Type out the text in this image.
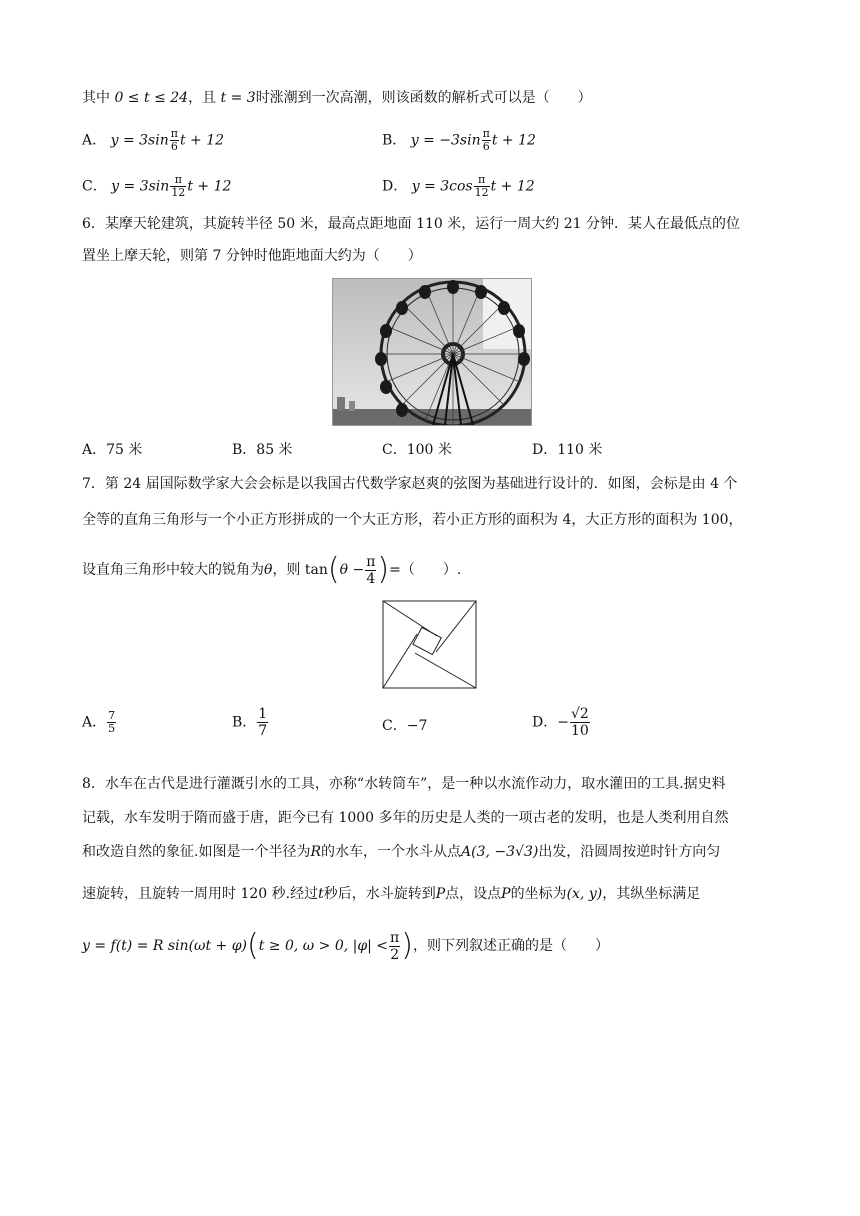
其中 0 ≤ t ≤ 24，且 t = 3时涨潮到一次高潮，则该函数的解析式可以是（　　）
A． $y = 3\sin \frac{\pi}{6}$ t + 12	B． $y = -3\sin \frac{\pi}{6}$ t + 12
C． $y = 3\sin \frac{\pi}{12}$ t + 12	D． $y = 3\cos \frac{\pi}{12}$ t + 12
6．某摩天轮建筑，其旋转半径 50 米，最高点距地面 110 米，运行一周大约 21 分钟．某人在最低点的位
置坐上摩天轮，则第 7 分钟时他距地面大约为（　　）
A．75 米	B．85 米	C．100 米	D．110 米
7．第 24 届国际数学家大会会标是以我国古代数学家赵爽的弦图为基础进行设计的．如图，会标是由 4 个
全等的直角三角形与一个小正方形拼成的一个大正方形，若小正方形的面积为 4，大正方形的面积为 100，
设直角三角形中较大的锐角为θ，则 $\tan(\theta - \frac{\pi}{4}$ )=（　　）.
A． $\frac{7}{5}$	B． $\frac{1}{7}$	C．−7	D．− $\frac{√2}{10}$
8．水车在古代是进行灌溉引水的工具，亦称“水转筒车”，是一种以水流作动力，取水灌田的工具.据史料
记载，水车发明于隋而盛于唐，距今已有 1000 多年的历史是人类的一项古老的发明，也是人类利用自然
和改造自然的象征.如图是一个半径为R的水车，一个水斗从点A(3, −3√3)出发，沿圆周按逆时针方向匀
速旋转，且旋转一周用时 120 秒.经过t秒后，水斗旋转到P点，设点P的坐标为(x, y)，其纵坐标满足
y = f(t) = R sin(ωt + φ)(t ≥ 0, ω > 0, $|\varphi| < \frac{\pi}{2}$ )，则下列叙述正确的是（　　）
